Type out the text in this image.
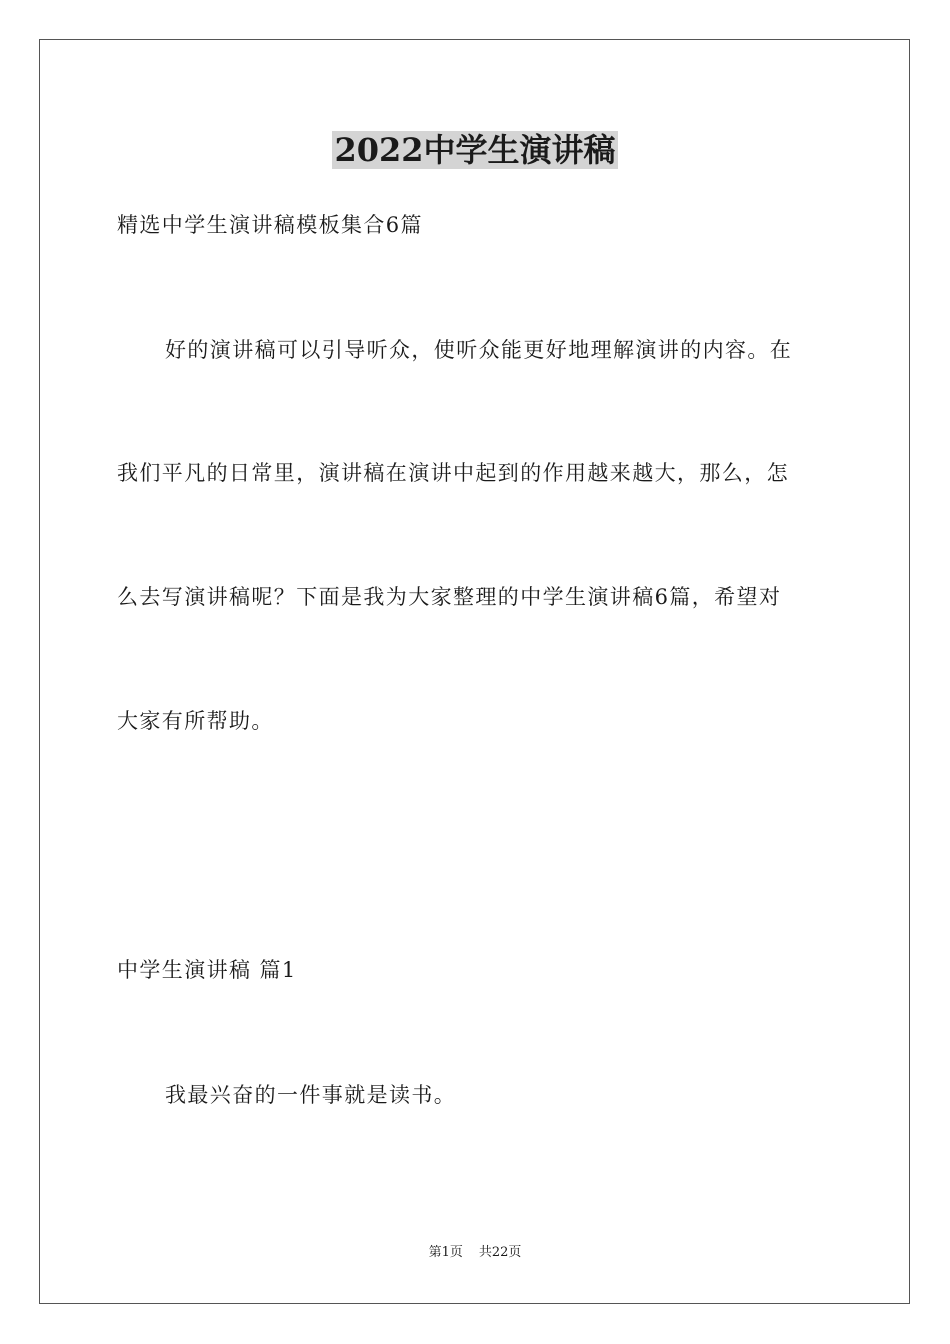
2022中学生演讲稿
精选中学生演讲稿模板集合6篇
好的演讲稿可以引导听众，使听众能更好地理解演讲的内容。在
我们平凡的日常里，演讲稿在演讲中起到的作用越来越大，那么，怎
么去写演讲稿呢？下面是我为大家整理的中学生演讲稿6篇，希望对
大家有所帮助。
中学生演讲稿 篇1
我最兴奋的一件事就是读书。
第1页 共22页
